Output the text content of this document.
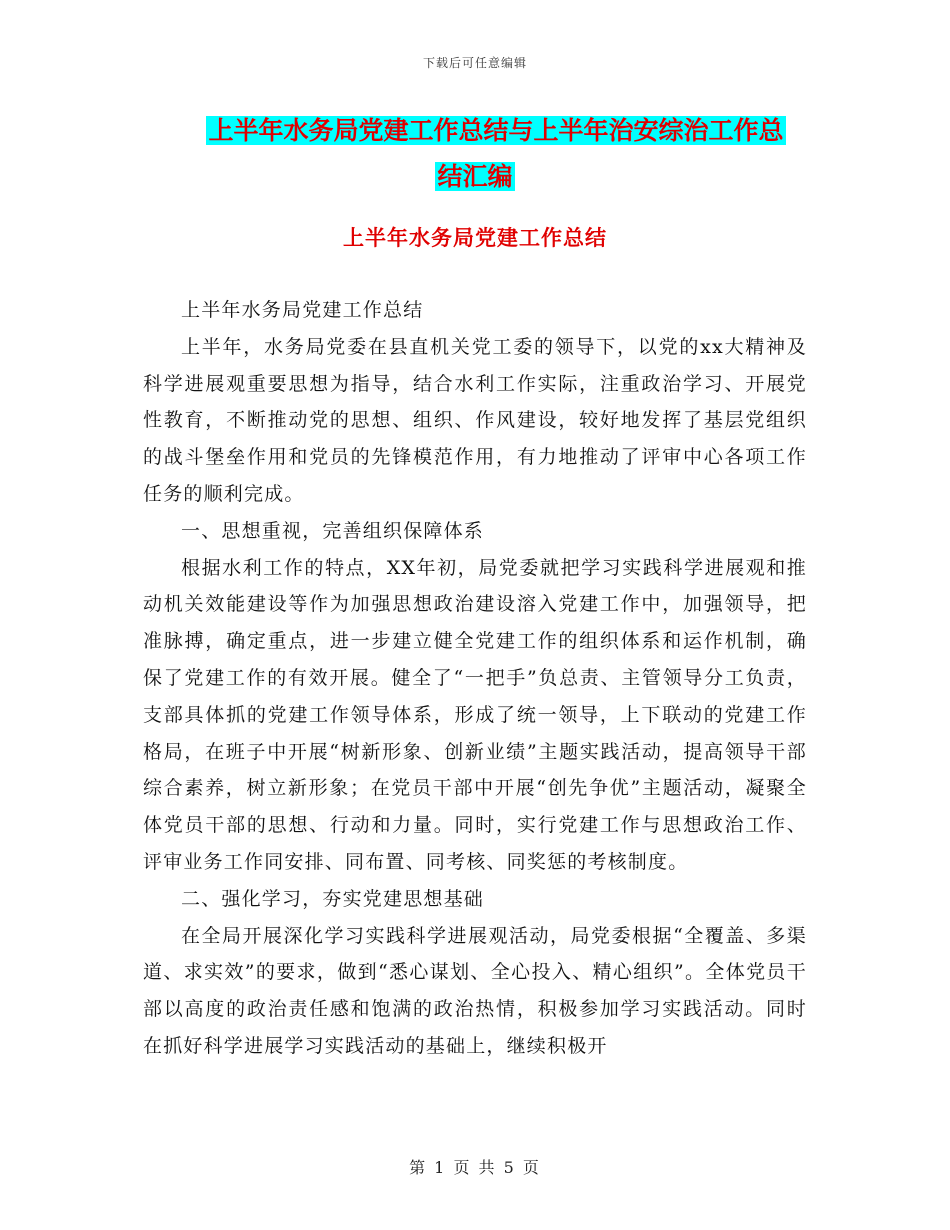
下载后可任意编辑
上半年水务局党建工作总结与上半年治安综治工作总
结汇编
上半年水务局党建工作总结

上半年水务局党建工作总结

上半年，水务局党委在县直机关党工委的领导下，以党的xx大精神及科学进展观重要思想为指导，结合水利工作实际，注重政治学习、开展党性教育，不断推动党的思想、组织、作风建设，较好地发挥了基层党组织的战斗堡垒作用和党员的先锋模范作用，有力地推动了评审中心各项工作任务的顺利完成。

一、思想重视，完善组织保障体系

根据水利工作的特点，XX年初，局党委就把学习实践科学进展观和推动机关效能建设等作为加强思想政治建设溶入党建工作中，加强领导，把准脉搏，确定重点，进一步建立健全党建工作的组织体系和运作机制，确保了党建工作的有效开展。健全了“一把手”负总责、主管领导分工负责，支部具体抓的党建工作领导体系，形成了统一领导，上下联动的党建工作格局，在班子中开展“树新形象、创新业绩”主题实践活动，提高领导干部综合素养，树立新形象；在党员干部中开展“创先争优”主题活动，凝聚全体党员干部的思想、行动和力量。同时，实行党建工作与思想政治工作、评审业务工作同安排、同布置、同考核、同奖惩的考核制度。

二、强化学习，夯实党建思想基础

在全局开展深化学习实践科学进展观活动，局党委根据“全覆盖、多渠道、求实效”的要求，做到“悉心谋划、全心投入、精心组织”。全体党员干部以高度的政治责任感和饱满的政治热情，积极参加学习实践活动。同时在抓好科学进展学习实践活动的基础上，继续积极开

第 1 页 共 5 页
